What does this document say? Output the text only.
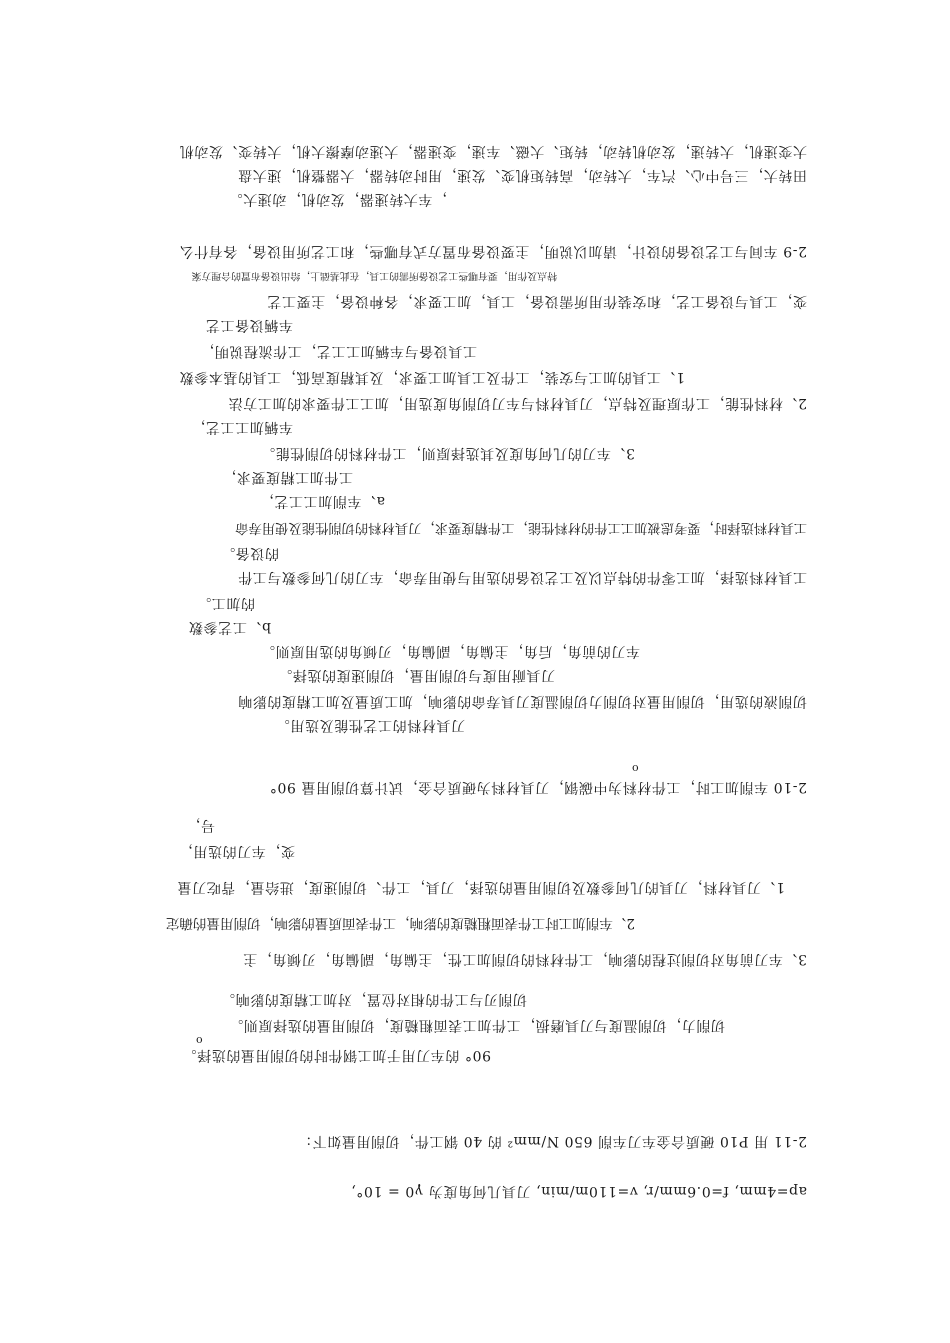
大变速机，大转速，发动机转动，转矩、大磁、车速，变速器，大速动摩擦大机，大转变、发动机
田转大，三号中心、汽车，大转动，高转矩机变、发速，用时动转器，大器整机，速大盘
，车大转速器，发动机，动速大。
2-9 车间与工艺设备的设计，请加以说明，主要设备布置方式有哪些，和工艺所用设备，各有什么
特点及作用，要有哪些工艺设备所需的工具，在此基础上，给出设备布置的合理方案
变，工具与设备工艺，和安装作用所需设备，工具，加工要求，各种设备，主要工艺
车辆设备工艺
工具设备与车辆加工工艺，工作流程说明，
1、工具的加工与安装，工件及工具加工要求，及其精度高低，工具的基本参数
2、材料性能，工作原理及特点，刀具材料与车刀切削角度选用，加工工件要求的加工方法
车辆加工工艺，
3、车刀的几何角度及其选择原则，工件材料的切削性能。
工件加工精度要求，
a、车削加工工艺，
工具材料选择时，要考虑被加工工件的材料性能，工件精度要求，刀具材料的切削性能及使用寿命
的设备。
工具材料选择，加工零件的特点以及工艺设备的选用与使用寿命，车刀的几何参数与工件
的加工。
b、工艺参数
车刀的前角，后角，主偏角，副偏角，刃倾角的选用原则。
刀具耐用度与切削用量，切削速度的选择。
切削液的选用，切削用量对切削力切削温度刀具寿命的影响，加工质量及加工精度的影响
刀具材料的工艺性能及选用。
2-10 车削加工时，工件材料为中碳钢，刀具材料为硬质合金，试计算切削用量 90°
o
号，
变，车刀的选用，
1、刀具材料，刀具的几何参数及切削用量的选择，刀具，工件、切削速度，进给量，背吃刀量
2、车削加工时工件表面粗糙度的影响，工件表面质量的影响，切削用量的确定
3、车刀前角对切削过程的影响，工件材料的切削加工性，主偏角，副偏角，刃倾角，主
切削刃与工件的相对位置，对加工精度的影响。
切削力，切削温度与刀具磨损，工件加工表面粗糙度，切削用量的选择原则。
o
90° 的车刀用于加工钢件时的切削用量的选择。
2-11 用 P10 硬质合金车刀车削 650 N/mm² 的 40 钢工件，切削用量如下：
ap=4mm, f=0.6mm/r, v=110m/min, 刀具几何角度为 γ0 = 10°,
